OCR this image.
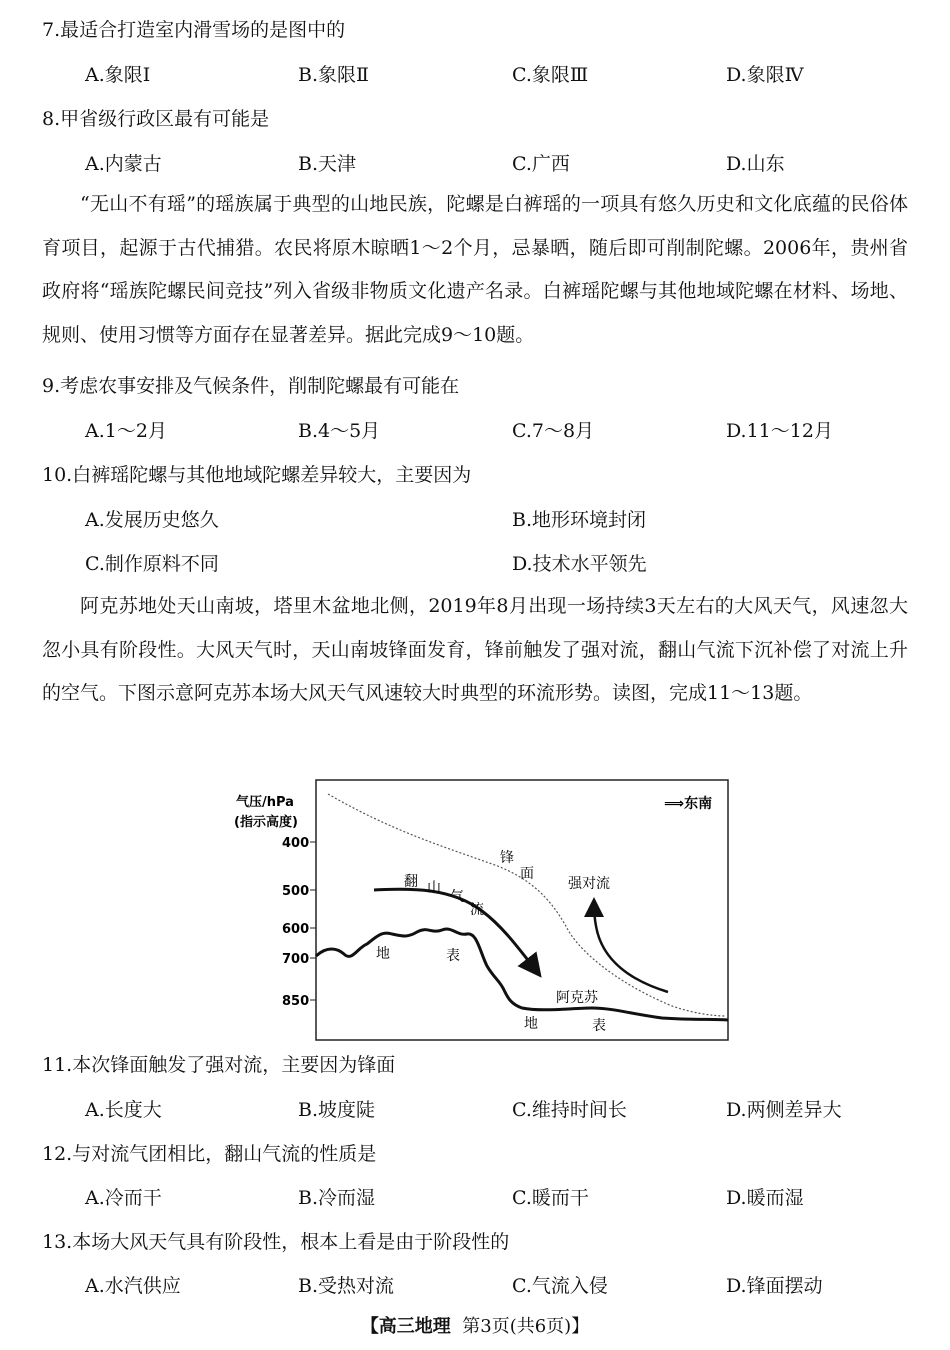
7.最适合打造室内滑雪场的是图中的
A.象限Ⅰ	B.象限Ⅱ	C.象限Ⅲ	D.象限Ⅳ
8.甲省级行政区最有可能是
A.内蒙古	B.天津	C.广西	D.山东
“无山不有瑶”的瑶族属于典型的山地民族，陀螺是白裤瑶的一项具有悠久历史和文化底蕴的民俗体育项目，起源于古代捕猎。农民将原木晾晒1～2个月，忌暴晒，随后即可削制陀螺。2006年，贵州省政府将“瑶族陀螺民间竞技”列入省级非物质文化遗产名录。白裤瑶陀螺与其他地域陀螺在材料、场地、规则、使用习惯等方面存在显著差异。据此完成9～10题。
9.考虑农事安排及气候条件，削制陀螺最有可能在
A.1～2月	B.4～5月	C.7～8月	D.11～12月
10.白裤瑶陀螺与其他地域陀螺差异较大，主要因为
A.发展历史悠久	B.地形环境封闭
C.制作原料不同	D.技术水平领先
阿克苏地处天山南坡，塔里木盆地北侧，2019年8月出现一场持续3天左右的大风天气，风速忽大忽小具有阶段性。大风天气时，天山南坡锋面发育，锋前触发了强对流，翻山气流下沉补偿了对流上升的空气。下图示意阿克苏本场大风天气风速较大时典型的环流形势。读图，完成11～13题。
气压/hPa
(指示高度)
400
500
600
700
850
⟹东南
锋
面
翻 山
气
流
强对流
地	表
阿克苏
地	表
11.本次锋面触发了强对流，主要因为锋面
A.长度大	B.坡度陡	C.维持时间长	D.两侧差异大
12.与对流气团相比，翻山气流的性质是
A.冷而干	B.冷而湿	C.暖而干	D.暖而湿
13.本场大风天气具有阶段性，根本上看是由于阶段性的
A.水汽供应	B.受热对流	C.气流入侵	D.锋面摆动
【高三地理 第3页(共6页)】
